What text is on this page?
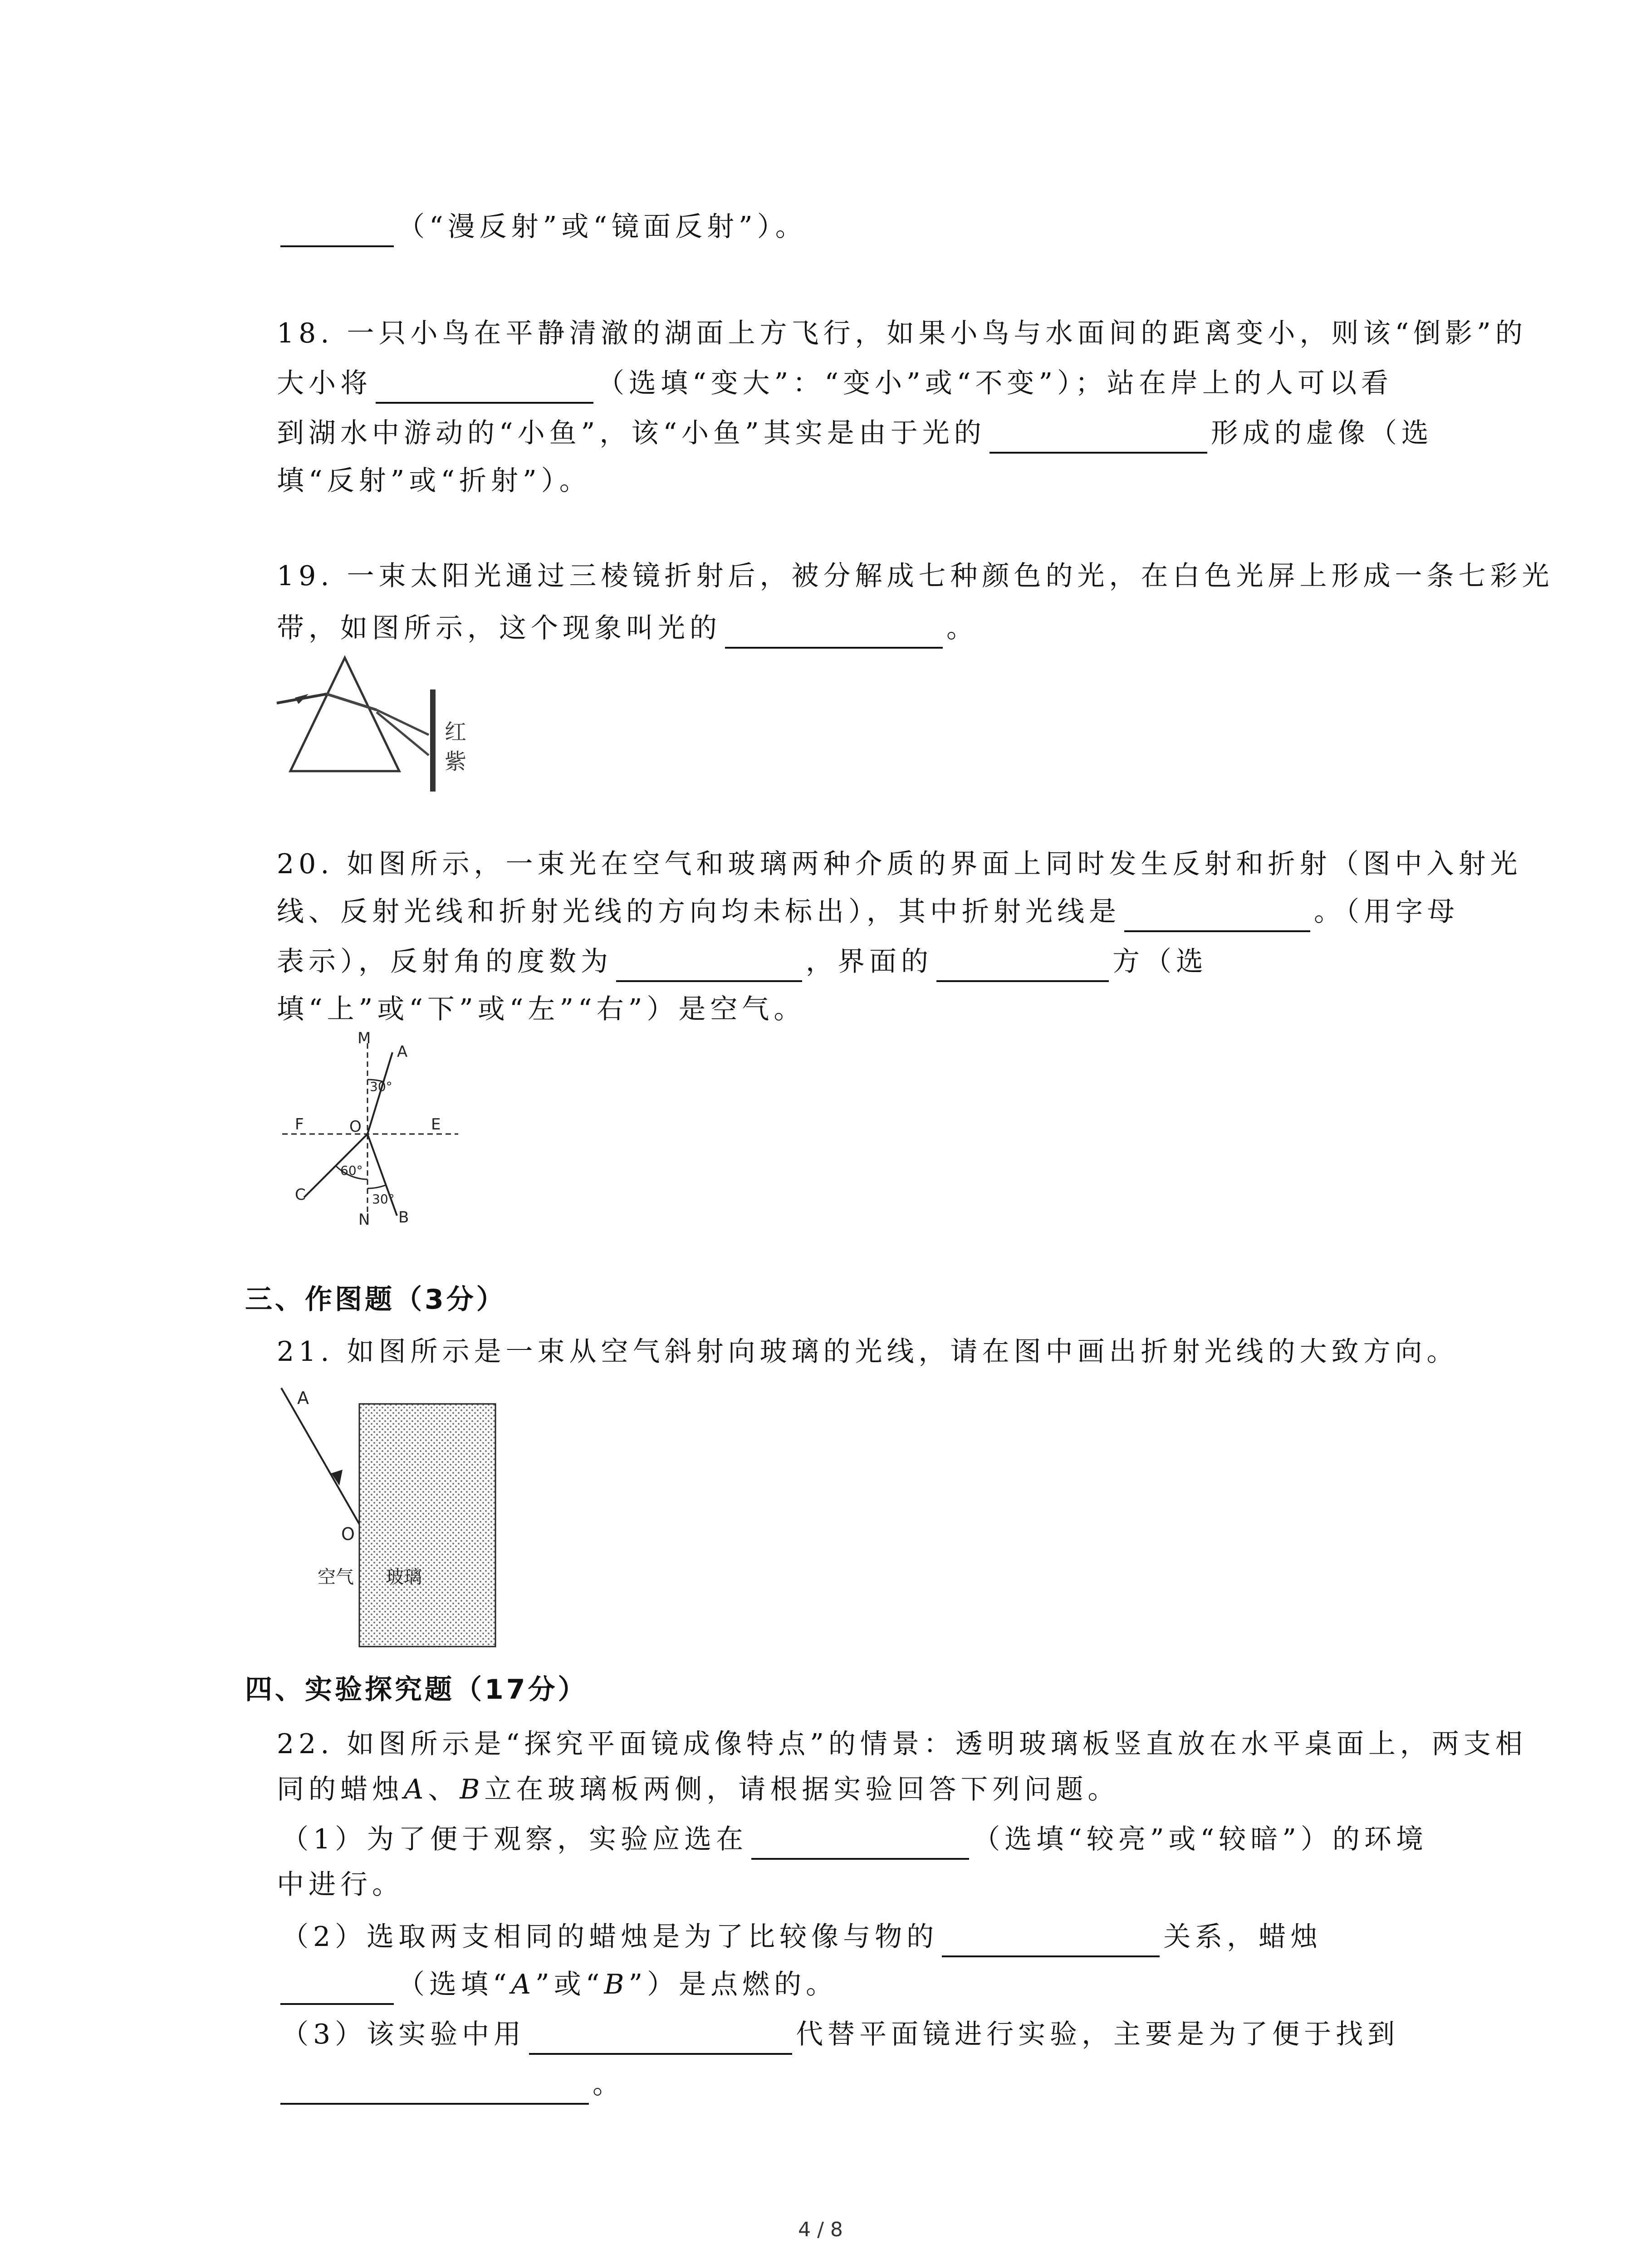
（“漫反射”或“镜面反射”）。
18. 一只小鸟在平静清澈的湖面上方飞行，如果小鸟与水面间的距离变小，则该“倒影”的
大小将	（选填“变大”：“变小”或“不变”）；站在岸上的人可以看
到湖水中游动的“小鱼”，该“小鱼”其实是由于光的	形成的虚像（选
填“反射”或“折射”）。
19. 一束太阳光通过三棱镜折射后，被分解成七种颜色的光，在白色光屏上形成一条七彩光
带，如图所示，这个现象叫光的	。
红
紫
20. 如图所示，一束光在空气和玻璃两种介质的界面上同时发生反射和折射（图中入射光
线、反射光线和折射光线的方向均未标出），其中折射光线是	。（用字母
表示），反射角的度数为	，界面的	方（选
填“上”或“下”或“左”“右”）是空气。
M
A
30°
F	O	E
60°
C
N
30°
B
三、作图题（3分）
21. 如图所示是一束从空气斜射向玻璃的光线，请在图中画出折射光线的大致方向。
A
O
空气 玻璃
四、实验探究题（17分）
22. 如图所示是“探究平面镜成像特点”的情景：透明玻璃板竖直放在水平桌面上，两支相
同的蜡烛A、B立在玻璃板两侧，请根据实验回答下列问题。
（1）为了便于观察，实验应选在	（选填“较亮”或“较暗”）的环境
中进行。
（2）选取两支相同的蜡烛是为了比较像与物的	关系，蜡烛
（选填“A”或“B”）是点燃的。
（3）该实验中用	代替平面镜进行实验，主要是为了便于找到
。
4 / 8
